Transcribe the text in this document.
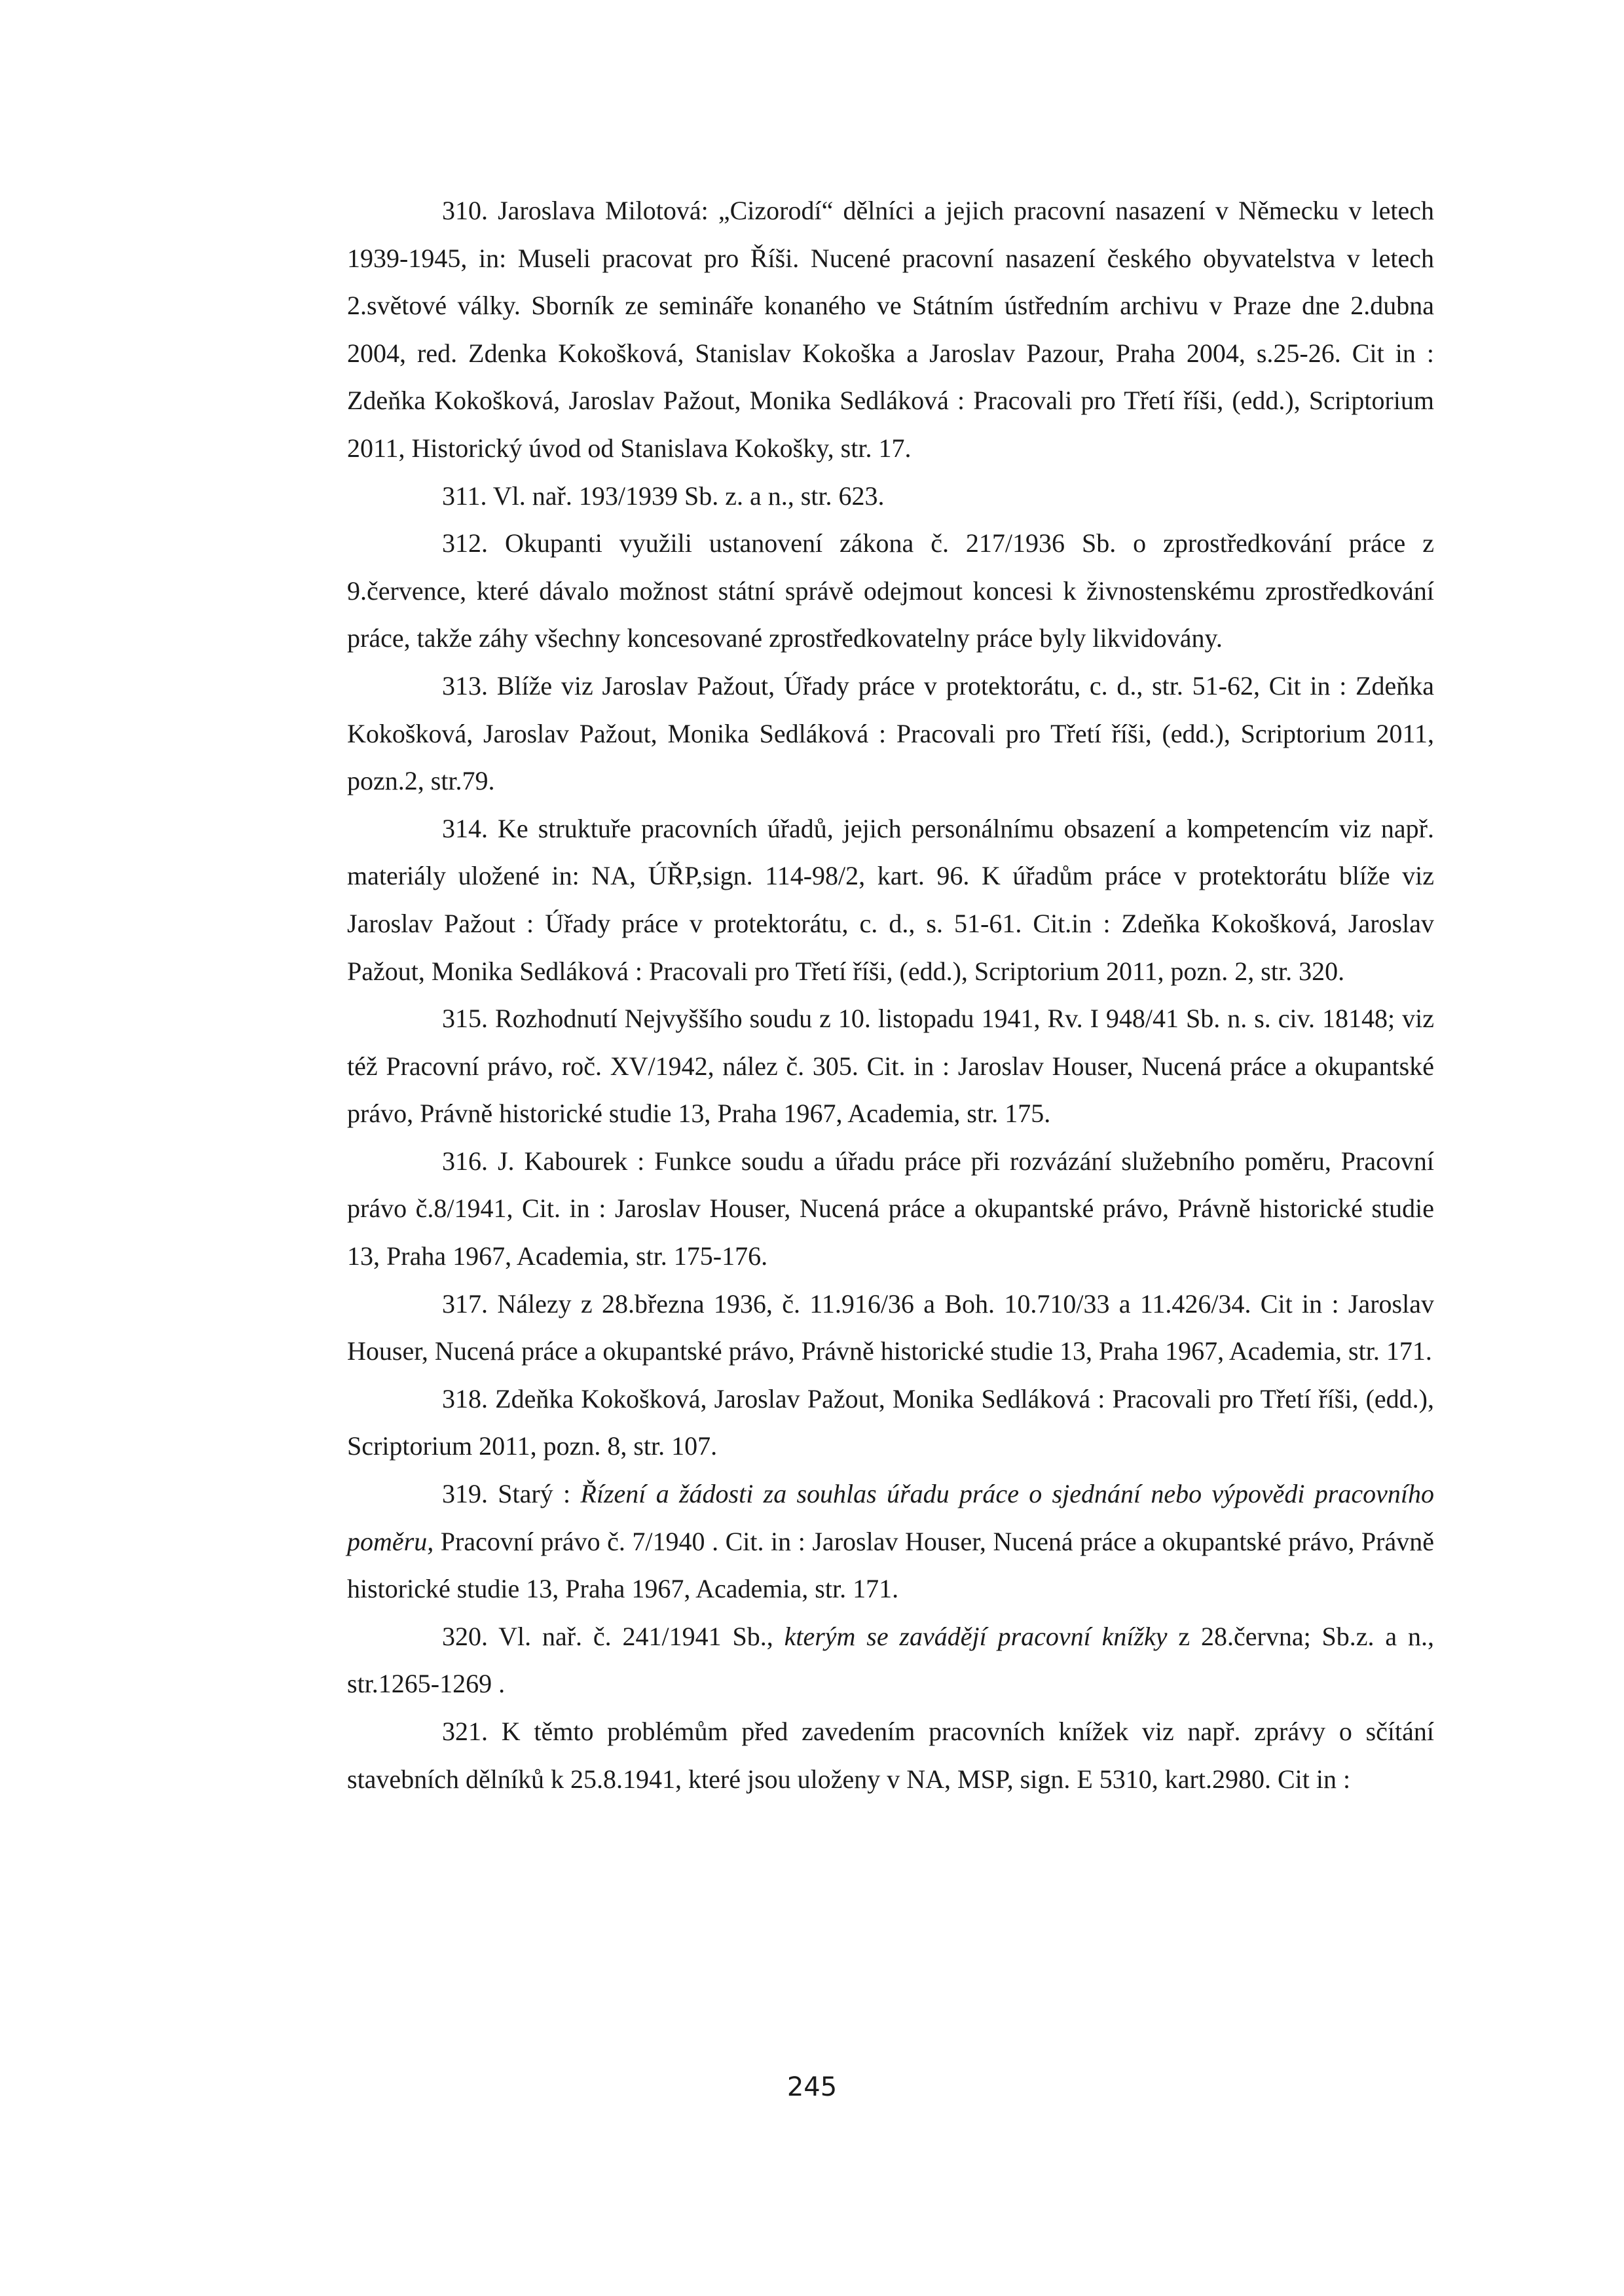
310. Jaroslava Milotová: „Cizorodí“ dělníci a jejich pracovní nasazení v Německu v letech 1939-1945, in: Museli pracovat pro Říši. Nucené pracovní nasazení českého obyvatelstva v letech 2.světové války. Sborník ze semináře konaného ve Státním ústředním archivu v Praze dne 2.dubna 2004, red. Zdenka Kokošková, Stanislav Kokoška a Jaroslav Pazour, Praha 2004, s.25-26. Cit in : Zdeňka Kokošková, Jaroslav Pažout, Monika Sedláková : Pracovali pro Třetí říši, (edd.), Scriptorium 2011, Historický úvod od Stanislava Kokošky, str. 17.

311. Vl. nař. 193/1939 Sb. z. a n., str. 623.

312. Okupanti využili ustanovení zákona č. 217/1936 Sb. o zprostředkování práce z 9.července, které dávalo možnost státní správě odejmout koncesi k živnostenskému zprostředkování práce, takže záhy všechny koncesované zprostředkovatelny práce byly likvidovány.

313. Blíže viz Jaroslav Pažout, Úřady práce v protektorátu, c. d., str. 51-62, Cit in : Zdeňka Kokošková, Jaroslav Pažout, Monika Sedláková : Pracovali pro Třetí říši, (edd.), Scriptorium 2011, pozn.2, str.79.

314. Ke struktuře pracovních úřadů, jejich personálnímu obsazení a kompetencím viz např. materiály uložené in: NA, ÚŘP,sign. 114-98/2, kart. 96. K úřadům práce v protektorátu blíže viz Jaroslav Pažout : Úřady práce v protektorátu, c. d., s. 51-61. Cit.in : Zdeňka Kokošková, Jaroslav Pažout, Monika Sedláková : Pracovali pro Třetí říši, (edd.), Scriptorium 2011, pozn. 2, str. 320.

315. Rozhodnutí Nejvyššího soudu z 10. listopadu 1941, Rv. I 948/41 Sb. n. s. civ. 18148; viz též Pracovní právo, roč. XV/1942, nález č. 305. Cit. in : Jaroslav Houser, Nucená práce a okupantské právo, Právně historické studie 13, Praha 1967, Academia, str. 175.

316. J. Kabourek : Funkce soudu a úřadu práce při rozvázání služebního poměru, Pracovní právo č.8/1941, Cit. in : Jaroslav Houser, Nucená práce a okupantské právo, Právně historické studie 13, Praha 1967, Academia, str. 175-176.

317. Nálezy z 28.března 1936, č. 11.916/36 a Boh. 10.710/33 a 11.426/34. Cit in : Jaroslav Houser, Nucená práce a okupantské právo, Právně historické studie 13, Praha 1967, Academia, str. 171.

318. Zdeňka Kokošková, Jaroslav Pažout, Monika Sedláková : Pracovali pro Třetí říši, (edd.), Scriptorium 2011, pozn. 8, str. 107.

319. Starý : Řízení a žádosti za souhlas úřadu práce o sjednání nebo výpovědi pracovního poměru, Pracovní právo č. 7/1940 . Cit. in : Jaroslav Houser, Nucená práce a okupantské právo, Právně historické studie 13, Praha 1967, Academia, str. 171.

320. Vl. nař. č. 241/1941 Sb., kterým se zavádějí pracovní knížky z 28.června; Sb.z. a n., str.1265-1269 .

321. K těmto problémům před zavedením pracovních knížek viz např. zprávy o sčítání stavebních dělníků k 25.8.1941, které jsou uloženy v NA, MSP, sign. E 5310, kart.2980. Cit in :

245
